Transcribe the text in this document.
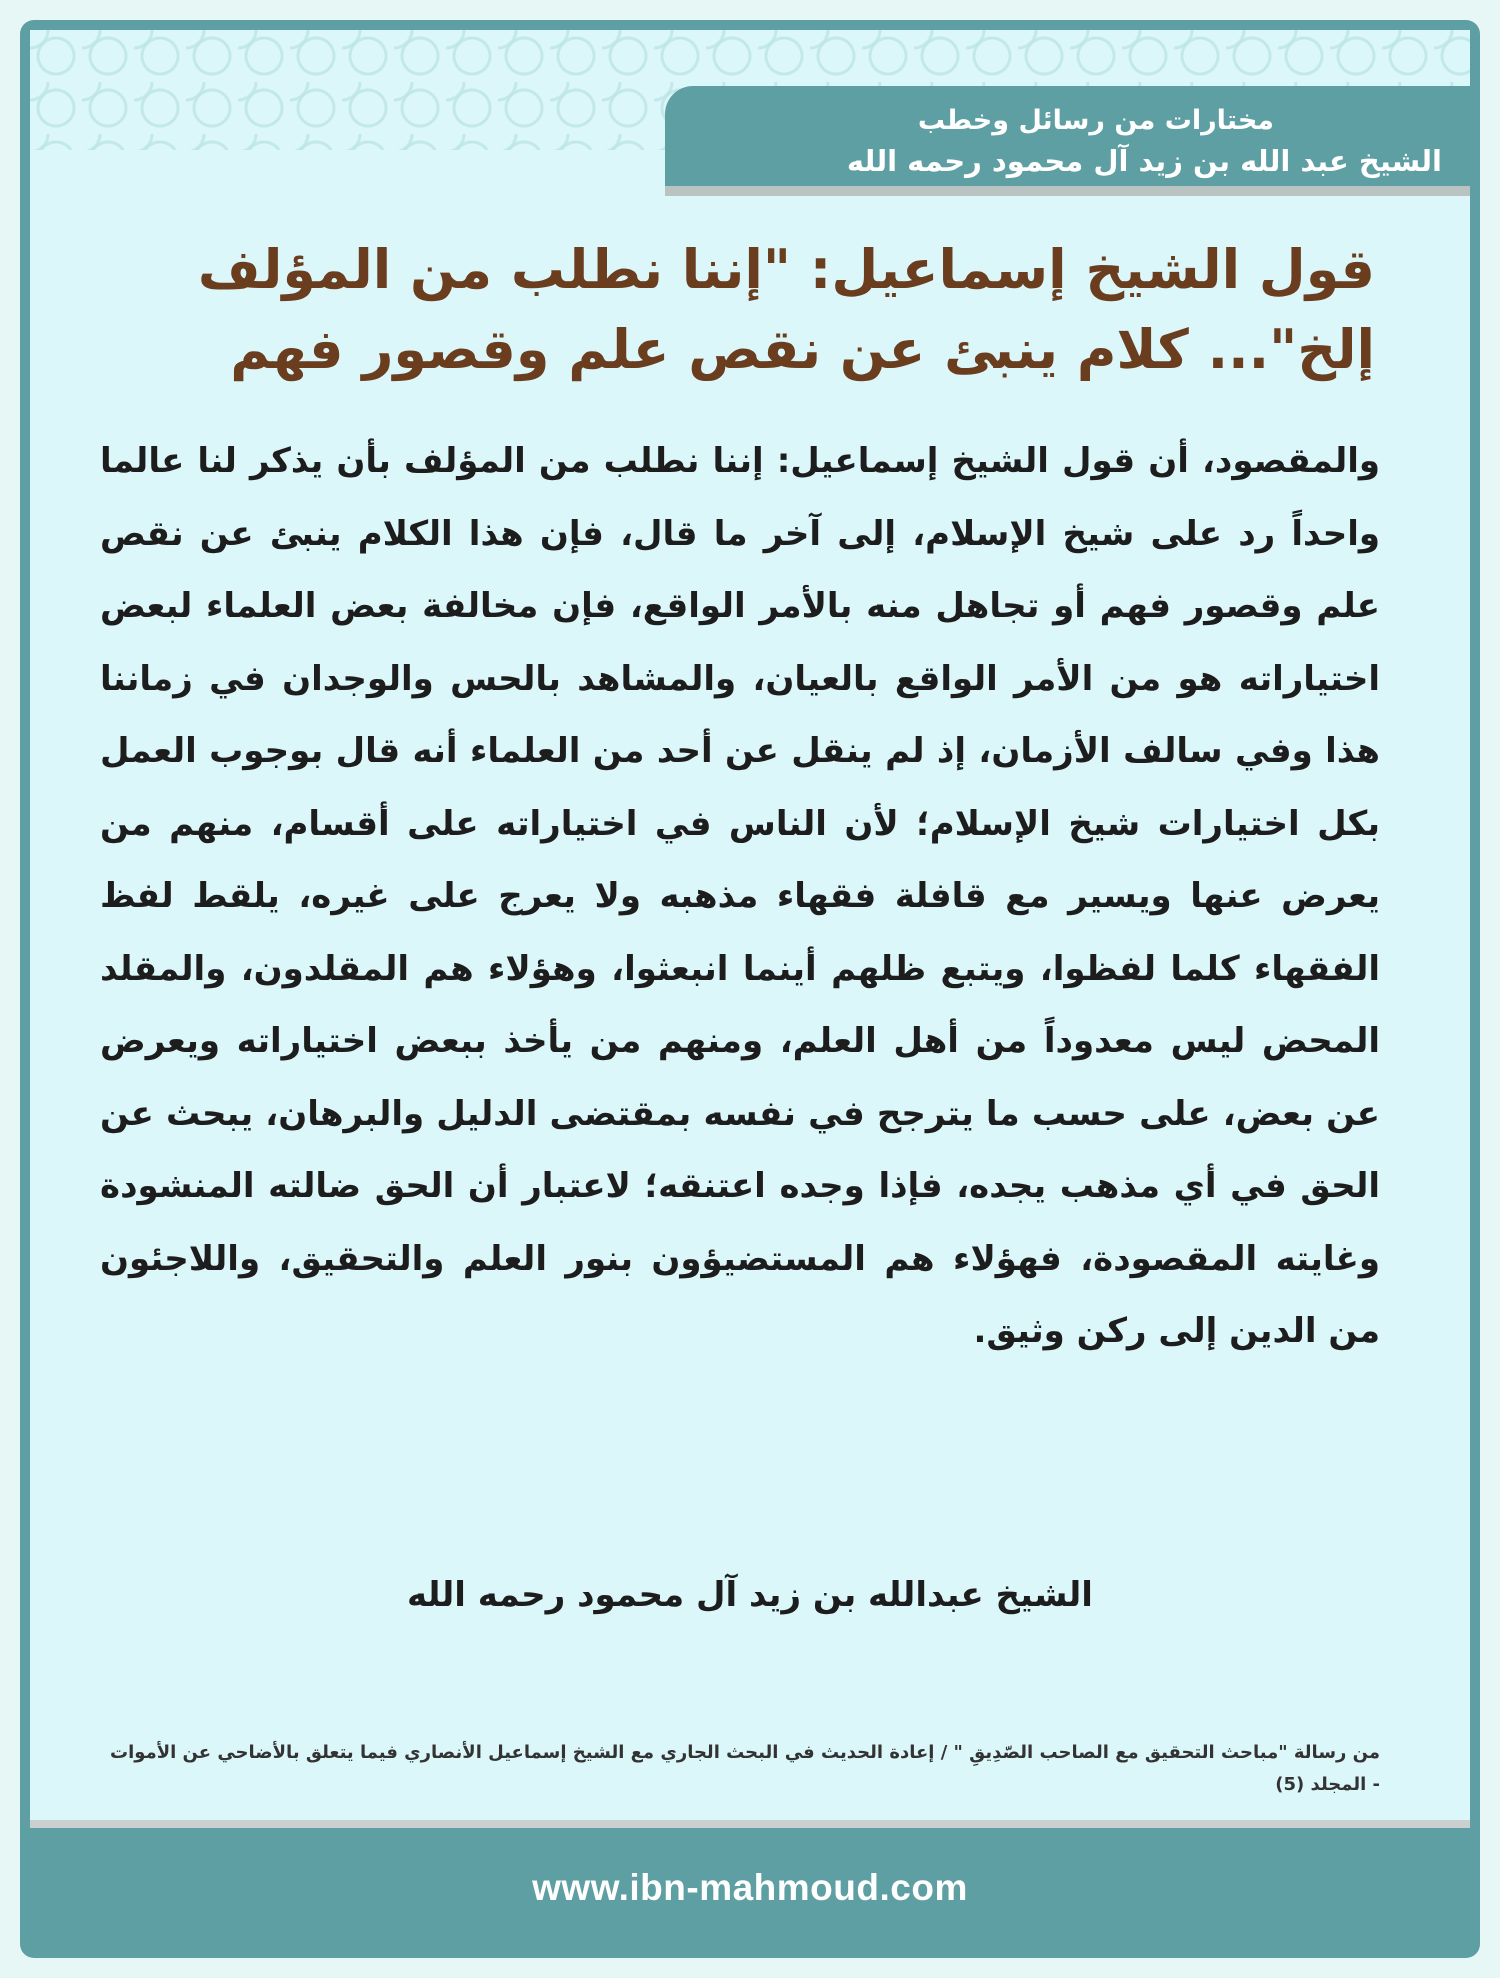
مختارات من رسائل وخطب
الشيخ عبد الله بن زيد آل محمود رحمه الله
قول الشيخ إسماعيل: "إننا نطلب من المؤلف إلخ"... كلام ينبئ عن نقص علم وقصور فهم
والمقصود، أن قول الشيخ إسماعيل: إننا نطلب من المؤلف بأن يذكر لنا عالما واحداً رد على شيخ الإسلام، إلى آخر ما قال، فإن هذا الكلام ينبئ عن نقص علم وقصور فهم أو تجاهل منه بالأمر الواقع، فإن مخالفة بعض العلماء لبعض اختياراته هو من الأمر الواقع بالعيان، والمشاهد بالحس والوجدان في زماننا هذا وفي سالف الأزمان، إذ لم ينقل عن أحد من العلماء أنه قال بوجوب العمل بكل اختيارات شيخ الإسلام؛ لأن الناس في اختياراته على أقسام، منهم من يعرض عنها ويسير مع قافلة فقهاء مذهبه ولا يعرج على غيره، يلقط لفظ الفقهاء كلما لفظوا، ويتبع ظلهم أينما انبعثوا، وهؤلاء هم المقلدون، والمقلد المحض ليس معدوداً من أهل العلم، ومنهم من يأخذ ببعض اختياراته ويعرض عن بعض، على حسب ما يترجح في نفسه بمقتضى الدليل والبرهان، يبحث عن الحق في أي مذهب يجده، فإذا وجده اعتنقه؛ لاعتبار أن الحق ضالته المنشودة وغايته المقصودة، فهؤلاء هم المستضيؤون بنور العلم والتحقيق، واللاجئون من الدين إلى ركن وثيق.
الشيخ عبدالله بن زيد آل محمود رحمه الله
من رسالة "مباحث التحقيق مع الصاحب الصّدِيقِ " / إعادة الحديث في البحث الجاري مع الشيخ إسماعيل الأنصاري فيما يتعلق بالأضاحي عن الأموات - المجلد (5)
www.ibn-mahmoud.com
